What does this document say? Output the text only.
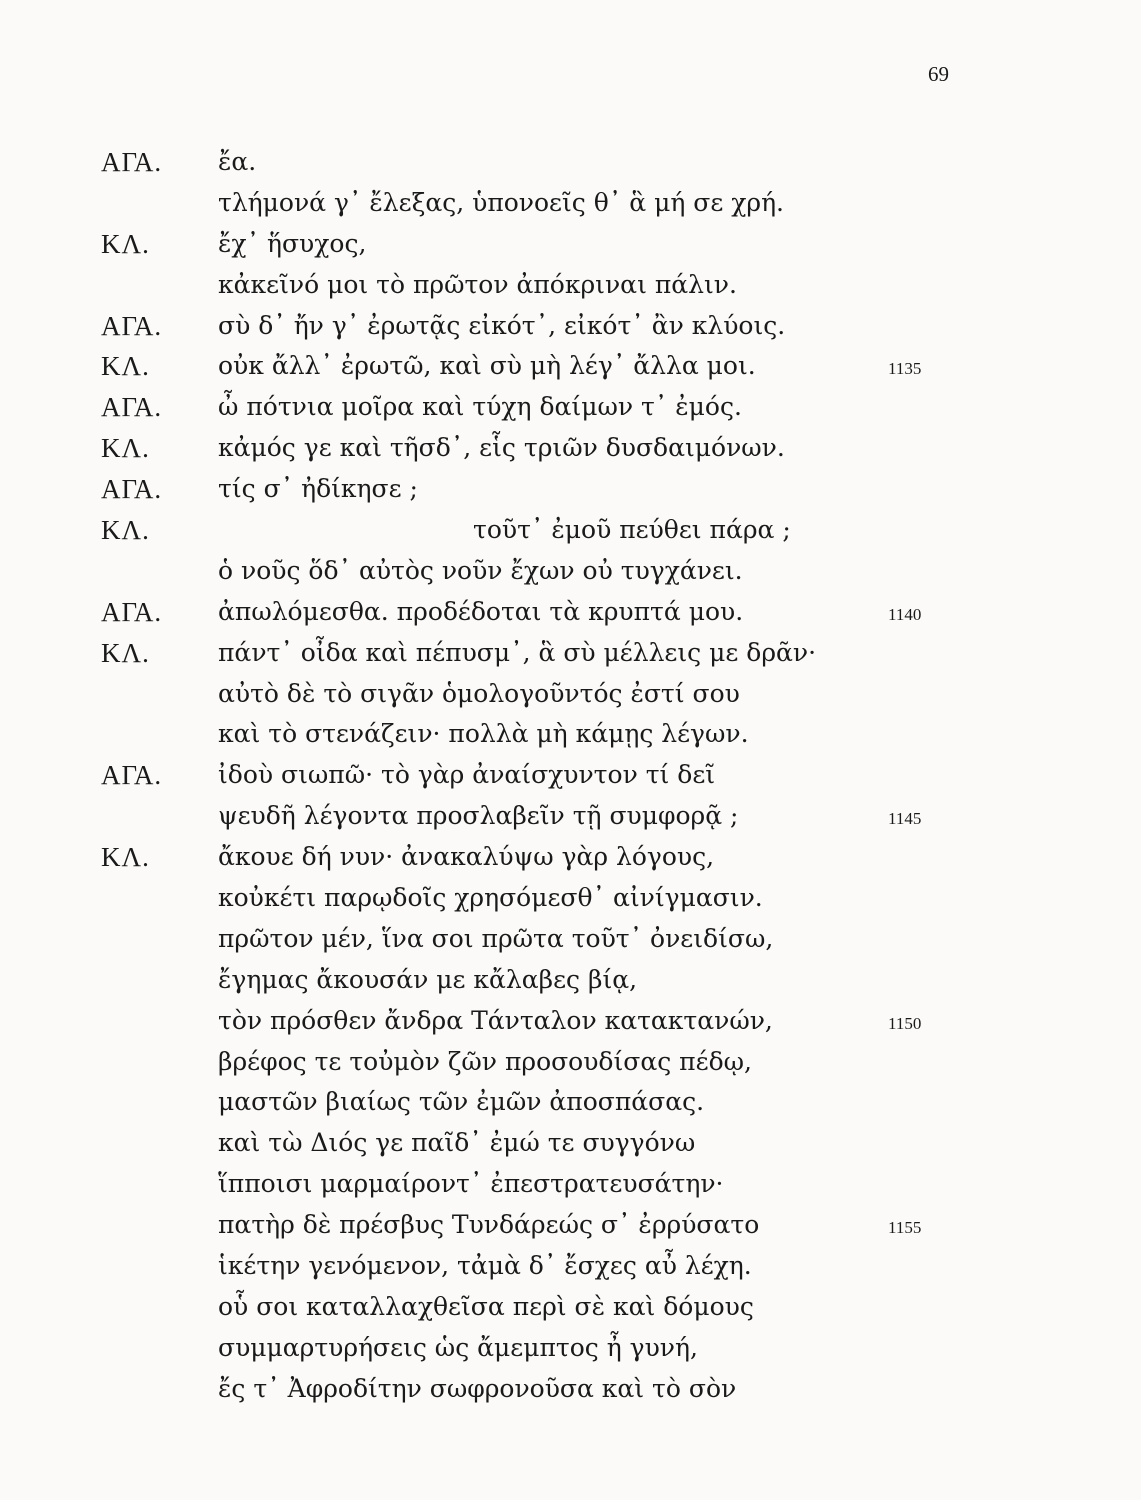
69
ΑΓΑ. ἔα.
τλήμονά γ᾽ ἔλεξας, ὑπονοεῖς θ᾽ ἃ μή σε χρή.
ΚΛ.	ἔχ᾽ ἥσυχος,
κἀκεῖνό μοι τὸ πρῶτον ἀπόκριναι πάλιν.
ΑΓΑ. σὺ δ᾽ ἤν γ᾽ ἐρωτᾷς εἰκότ᾽, εἰκότ᾽ ἂν κλύοις.
ΚΛ.	οὐκ ἄλλ᾽ ἐρωτῶ, καὶ σὺ μὴ λέγ᾽ ἄλλα μοι.	1135
ΑΓΑ. ὦ πότνια μοῖρα καὶ τύχη δαίμων τ᾽ ἐμός.
ΚΛ.	κἀμός γε καὶ τῆσδ᾽, εἷς τριῶν δυσδαιμόνων.
ΑΓΑ. τίς σ᾽ ἠδίκησε ;
ΚΛ.	τοῦτ᾽ ἐμοῦ πεύθει πάρα ;
ὁ νοῦς ὅδ᾽ αὐτὸς νοῦν ἔχων οὐ τυγχάνει.
ΑΓΑ. ἀπωλόμεσθα. προδέδοται τὰ κρυπτά μου.	1140
ΚΛ.	πάντ᾽ οἶδα καὶ πέπυσμ᾽, ἃ σὺ μέλλεις με δρᾶν·
αὐτὸ δὲ τὸ σιγᾶν ὁμολογοῦντός ἐστί σου
καὶ τὸ στενάζειν· πολλὰ μὴ κάμῃς λέγων.
ΑΓΑ. ἰδοὺ σιωπῶ· τὸ γὰρ ἀναίσχυντον τί δεῖ
ψευδῆ λέγοντα προσλαβεῖν τῇ συμφορᾷ ;	1145
ΚΛ.	ἄκουε δή νυν· ἀνακαλύψω γὰρ λόγους,
κοὐκέτι παρῳδοῖς χρησόμεσθ᾽ αἰνίγμασιν.
πρῶτον μέν, ἵνα σοι πρῶτα τοῦτ᾽ ὀνειδίσω,
ἔγημας ἄκουσάν με κἄλαβες βίᾳ,
τὸν πρόσθεν ἄνδρα Τάνταλον κατακτανών,	1150
βρέφος τε τοὐμὸν ζῶν προσουδίσας πέδῳ,
μαστῶν βιαίως τῶν ἐμῶν ἀποσπάσας.
καὶ τὼ Διός γε παῖδ᾽ ἐμώ τε συγγόνω
ἵπποισι μαρμαίροντ᾽ ἐπεστρατευσάτην·
πατὴρ δὲ πρέσβυς Τυνδάρεώς σ᾽ ἐρρύσατο	1155
ἱκέτην γενόμενον, τἀμὰ δ᾽ ἔσχες αὖ λέχη.
οὗ σοι καταλλαχθεῖσα περὶ σὲ καὶ δόμους
συμμαρτυρήσεις ὡς ἄμεμπτος ἦ γυνή,
ἔς τ᾽ Ἀφροδίτην σωφρονοῦσα καὶ τὸ σὸν
